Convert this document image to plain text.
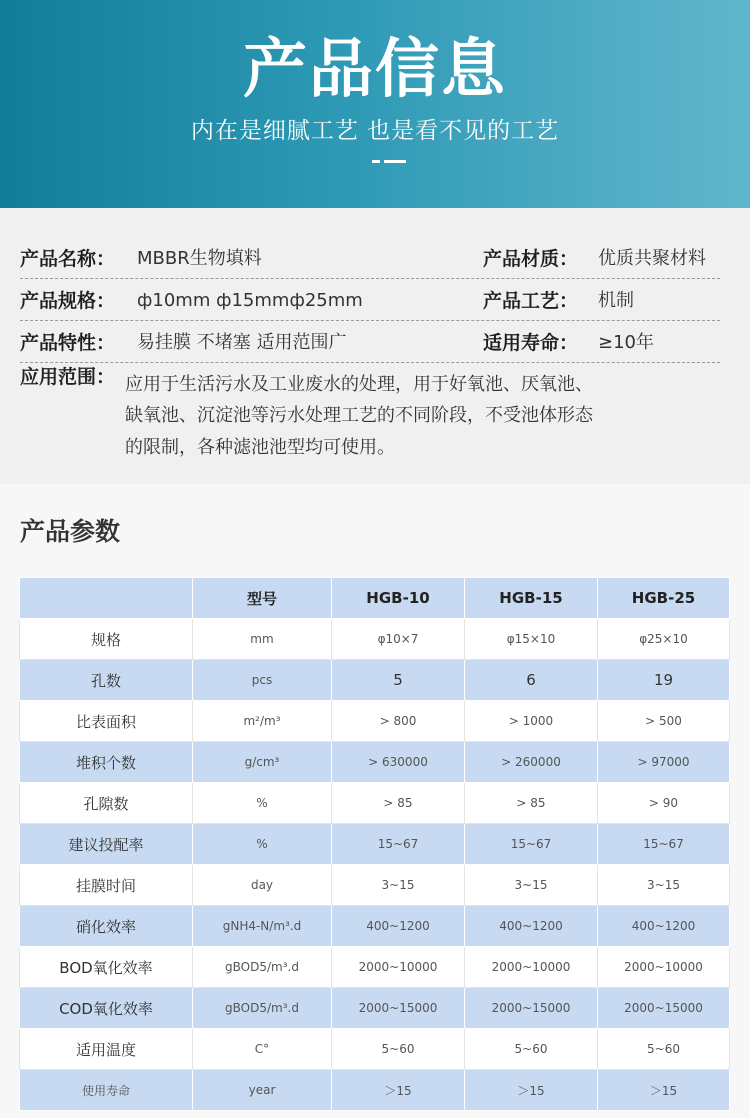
产品信息
内在是细腻工艺 也是看不见的工艺
产品名称： MBBR生物填料	产品材质： 优质共聚材料
产品规格： ф10mm ф15mmф25mm	产品工艺： 机制
产品特性： 易挂膜 不堵塞 适用范围广	适用寿命： ≥10年
应用范围： 应用于生活污水及工业废水的处理，用于好氧池、厌氧池、
缺氧池、沉淀池等污水处理工艺的不同阶段，不受池体形态
的限制，各种滤池池型均可使用。
产品参数
	型号	HGB-10	HGB-15	HGB-25
规格	mm	φ10×7	φ15×10	φ25×10
孔数	pcs	5	6	19
比表面积	m²/m³	> 800	> 1000	> 500
堆积个数	g/cm³	> 630000	> 260000	> 97000
孔隙数	%	> 85	> 85	> 90
建议投配率	%	15~67	15~67	15~67
挂膜时间	day	3~15	3~15	3~15
硝化效率	gNH4-N/m³.d	400~1200	400~1200	400~1200
BOD氧化效率	gBOD5/m³.d	2000~10000	2000~10000	2000~10000
COD氧化效率	gBOD5/m³.d	2000~15000	2000~15000	2000~15000
适用温度	C°	5~60	5~60	5~60
使用寿命	year	＞15	＞15	＞15
